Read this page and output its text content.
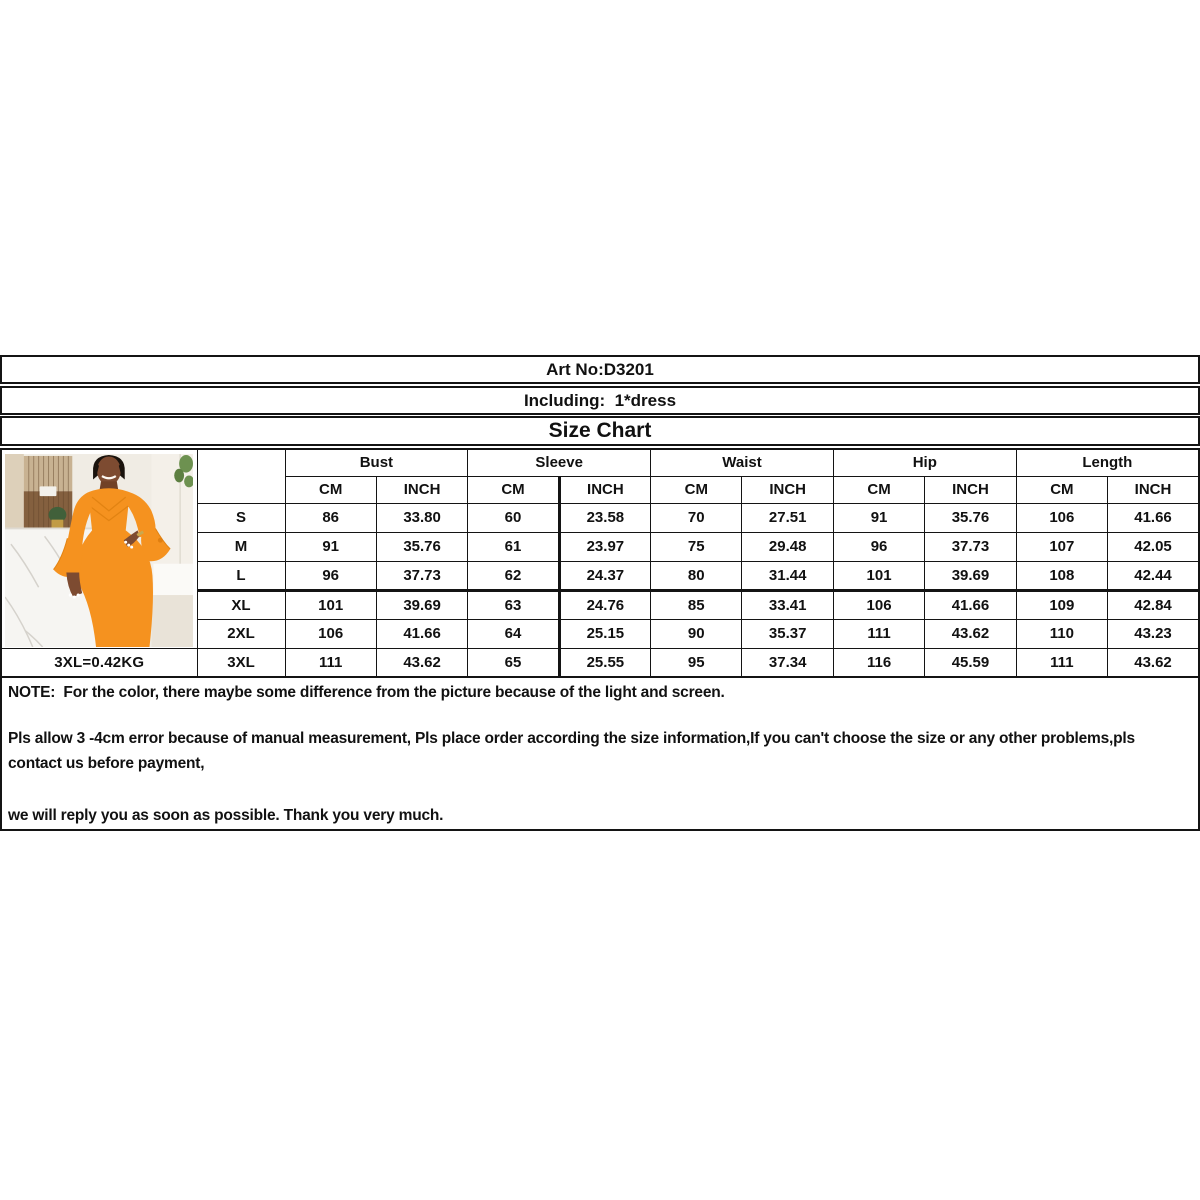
Art No:D3201
Including:  1*dress
Size Chart
		Bust		Sleeve		Waist		Hip		Length	
		CM	INCH	CM	INCH	CM	INCH	CM	INCH	CM	INCH
	S	86	33.80	60	23.58	70	27.51	91	35.76	106	41.66
	M	91	35.76	61	23.97	75	29.48	96	37.73	107	42.05
	L	96	37.73	62	24.37	80	31.44	101	39.69	108	42.44
	XL	101	39.69	63	24.76	85	33.41	106	41.66	109	42.84
	2XL	106	41.66	64	25.15	90	35.37	111	43.62	110	43.23
3XL=0.42KG	3XL	111	43.62	65	25.55	95	37.34	116	45.59	111	43.62

NOTE:  For the color, there maybe some difference from the picture because of the light and screen.

Pls allow 3 -4cm error because of manual measurement, Pls place order according the size information,If you can't choose the size or any other problems,pls contact us before payment,

we will reply you as soon as possible. Thank you very much.
